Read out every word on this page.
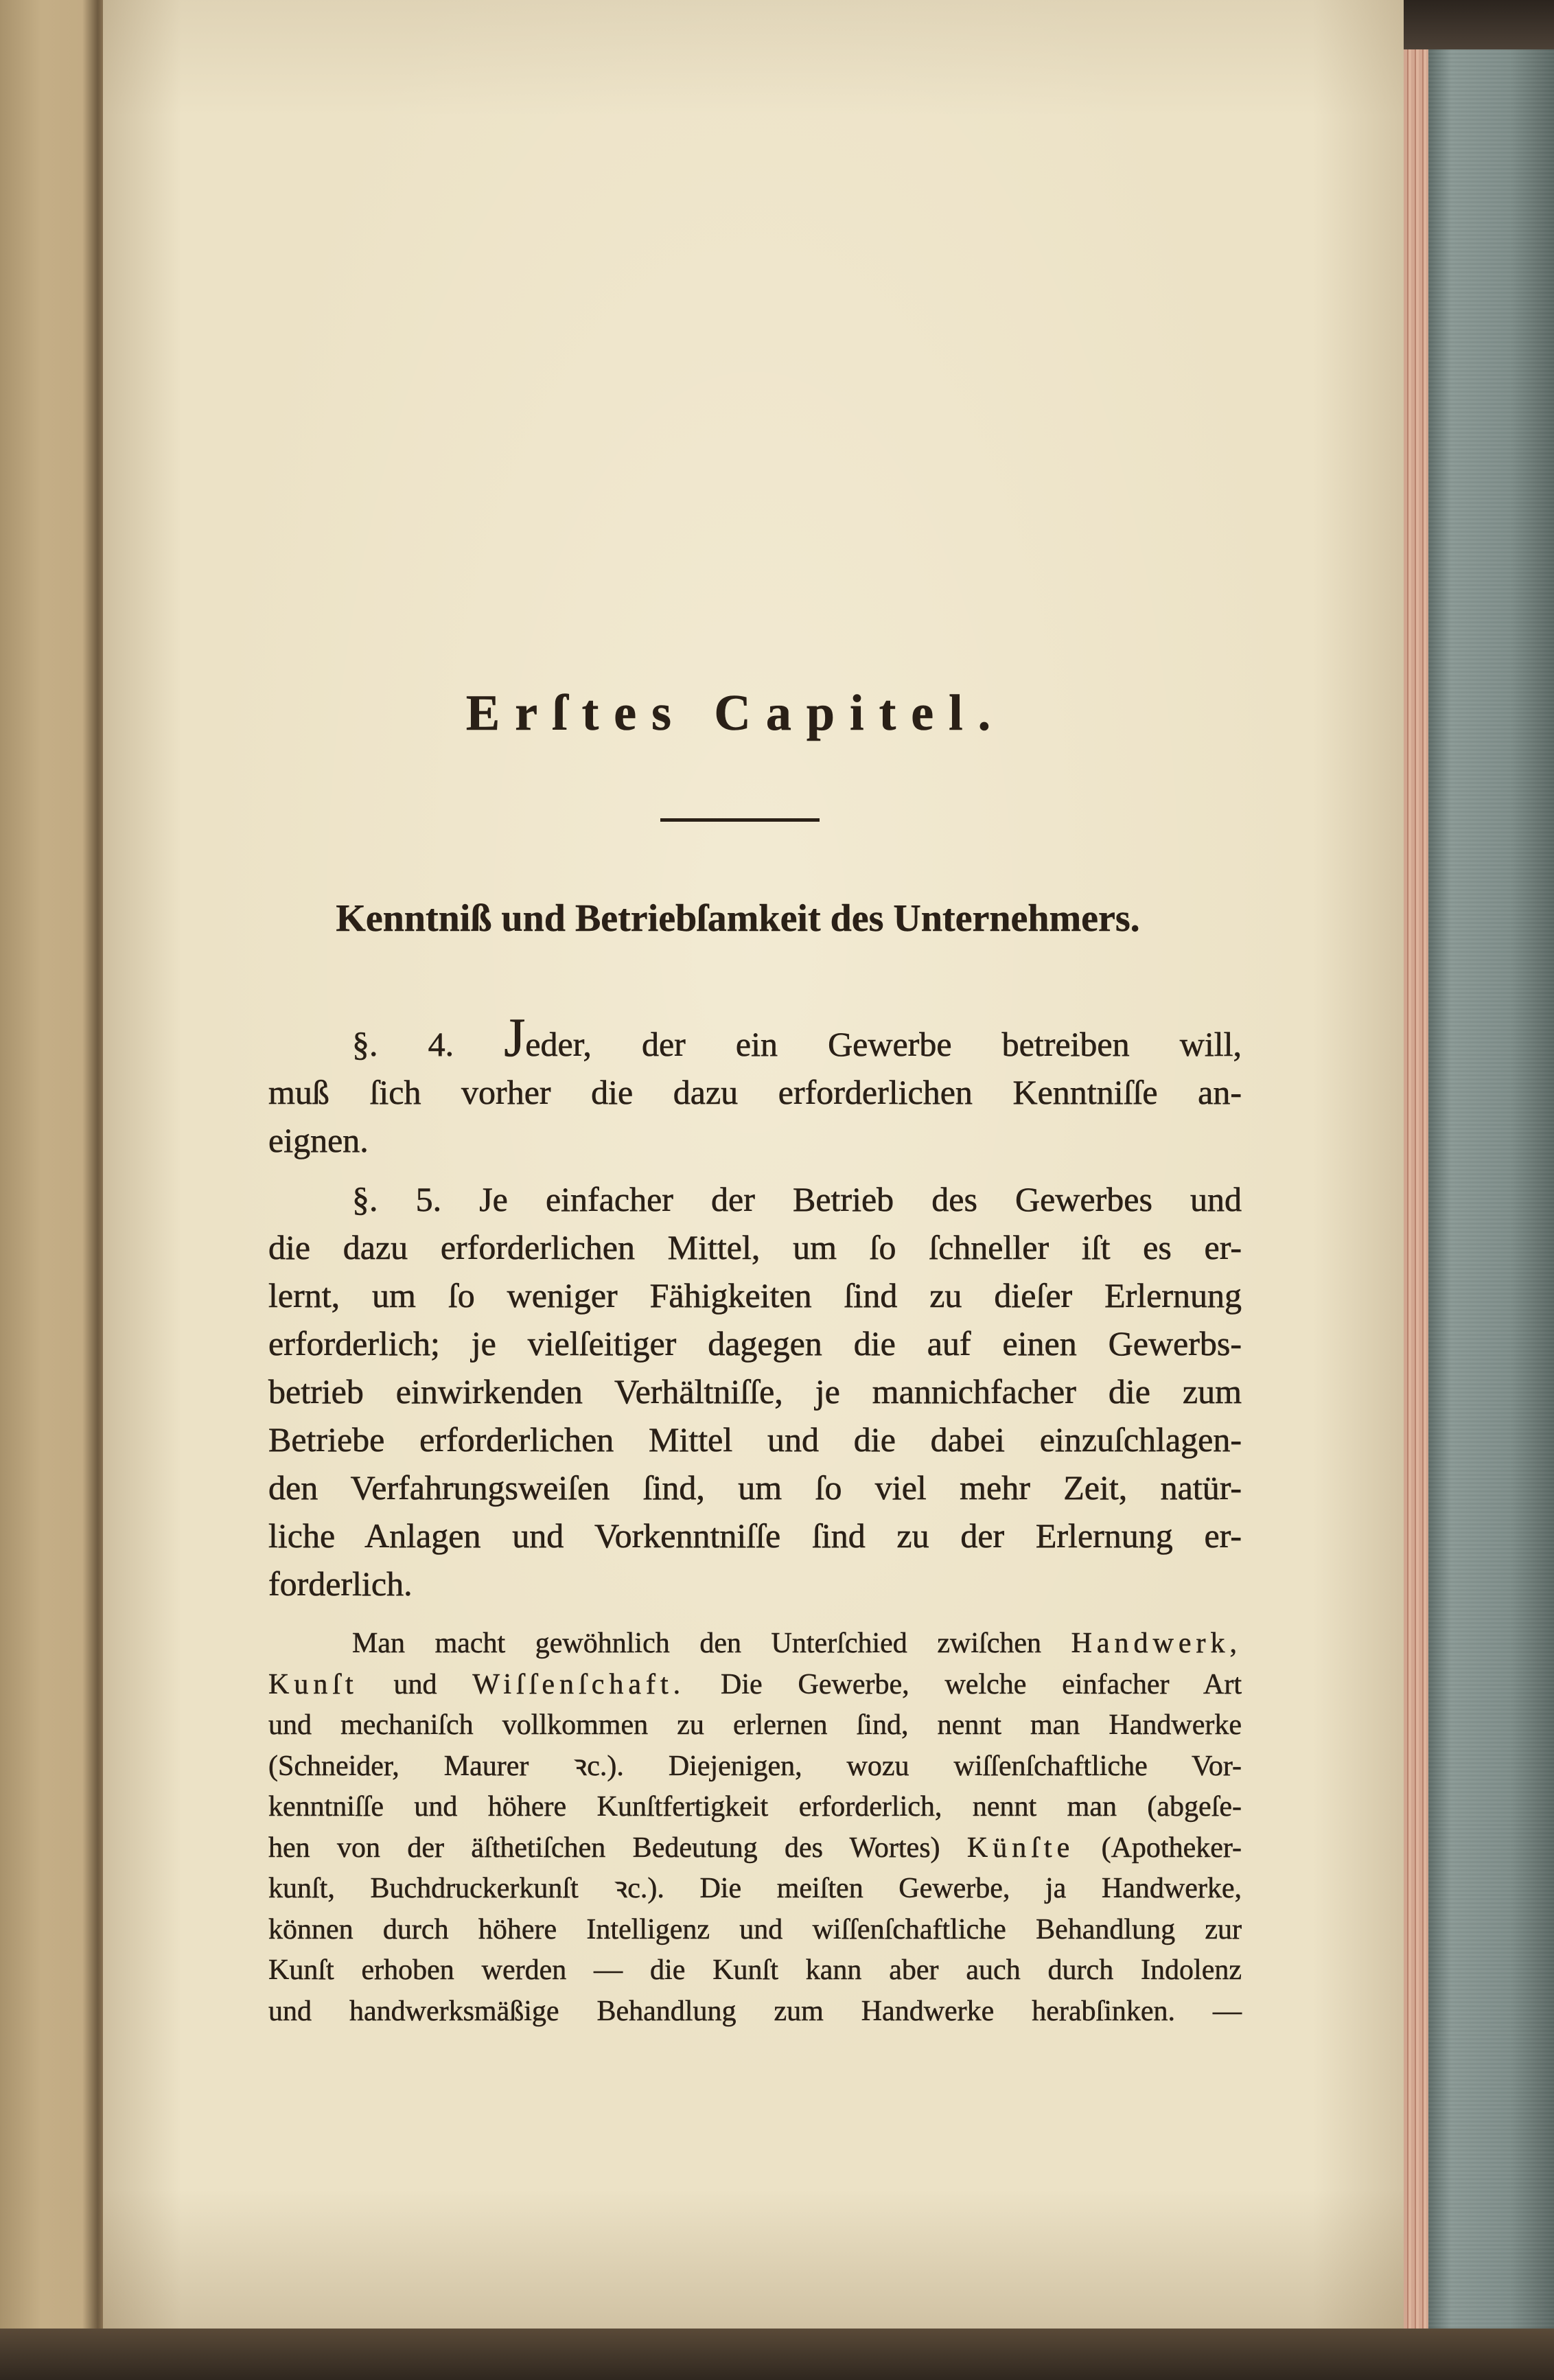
Erſtes Capitel.
Kenntniß und Betriebſamkeit des Unternehmers.
§. 4. Jeder, der ein Gewerbe betreiben will,
muß ſich vorher die dazu erforderlichen Kenntniſſe an-
eignen.
§. 5. Je einfacher der Betrieb des Gewerbes und
die dazu erforderlichen Mittel, um ſo ſchneller iſt es er-
lernt, um ſo weniger Fähigkeiten ſind zu dieſer Erlernung
erforderlich; je vielſeitiger dagegen die auf einen Gewerbs-
betrieb einwirkenden Verhältniſſe, je mannichfacher die zum
Betriebe erforderlichen Mittel und die dabei einzuſchlagen-
den Verfahrungsweiſen ſind, um ſo viel mehr Zeit, natür-
liche Anlagen und Vorkenntniſſe ſind zu der Erlernung er-
forderlich.
Man macht gewöhnlich den Unterſchied zwiſchen Handwerk,
Kunſt und Wiſſenſchaft. Die Gewerbe, welche einfacher Art
und mechaniſch vollkommen zu erlernen ſind, nennt man Handwerke
(Schneider, Maurer ꝛc.). Diejenigen, wozu wiſſenſchaftliche Vor-
kenntniſſe und höhere Kunſtfertigkeit erforderlich, nennt man (abgeſe-
hen von der äſthetiſchen Bedeutung des Wortes) Künſte (Apotheker-
kunſt, Buchdruckerkunſt ꝛc.). Die meiſten Gewerbe, ja Handwerke,
können durch höhere Intelligenz und wiſſenſchaftliche Behandlung zur
Kunſt erhoben werden — die Kunſt kann aber auch durch Indolenz
und handwerksmäßige Behandlung zum Handwerke herabſinken. —
